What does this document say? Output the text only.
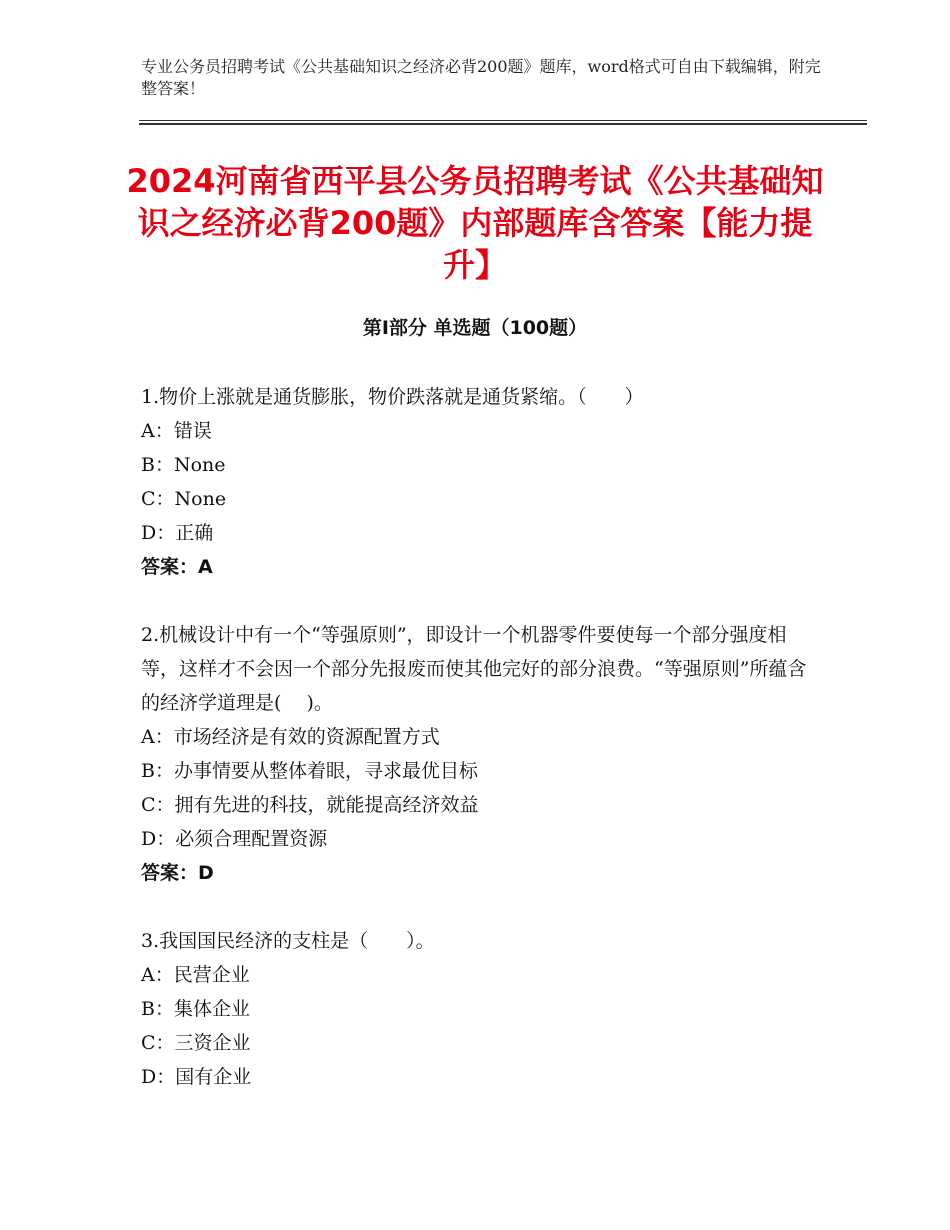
专业公务员招聘考试《公共基础知识之经济必背200题》题库，word格式可自由下载编辑，附完整答案！
2024河南省西平县公务员招聘考试《公共基础知识之经济必背200题》内部题库含答案【能力提升】
第Ⅰ部分 单选题（100题）

1.物价上涨就是通货膨胀，物价跌落就是通货紧缩。（　　）

A：错误

B：None

C：None

D：正确

答案：A

2.机械设计中有一个“等强原则”，即设计一个机器零件要使每一个部分强度相等，这样才不会因一个部分先报废而使其他完好的部分浪费。“等强原则”所蕴含的经济学道理是(　 )。

A：市场经济是有效的资源配置方式

B：办事情要从整体着眼，寻求最优目标

C：拥有先进的科技，就能提高经济效益

D：必须合理配置资源

答案：D

3.我国国民经济的支柱是（　　）。

A：民营企业

B：集体企业

C：三资企业

D：国有企业
